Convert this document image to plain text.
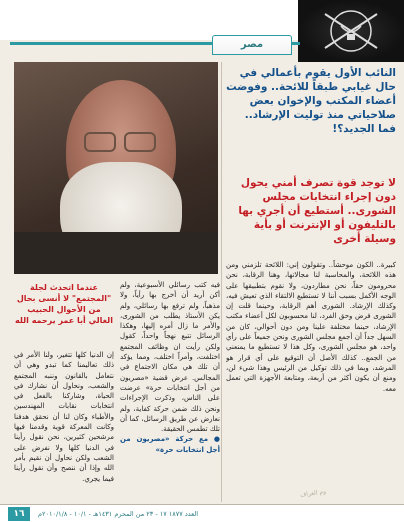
مصر
النائب الأول يقوم بأعمالي في حال غيابي طبقاً للائحة.. وفوضت أعضاء المكتب والإخوان بعض صلاحياتي منذ توليت الإرشاد.. فما الجديد؟!
لا توجد قوة تصرف أمني يحول دون إجراء انتخابات مجلس الشورى.. أستطيع أن أجري بها بالتليفون أو الإنترنت أو بأية وسيلة أخرى

كبيرة.. الكون موحشاً.. وتقولون إني: اللائحة تلزمني ومن هذه اللائحة، والمحاسبة لنا مجالاتها، وهنا الرقابة، نحن محرومون حقاً، نحن مطاردون، ولا نقوم بتطبيقها على الوجه الأكمل بسبب أننا لا تستطيع الالتقاء الذي تعيش فيه، وكذلك الإرشاد. الشورى أهم الرقابة، وحينما قلت إن الشورى فرض وحق الفرد، لنا محسوبون لكل أعضاء مكتب الإرشاد، حينما مختلفة علينا ومن دون أحوالي، كان من السهل جداً أن أجمع مجلس الشورى ونحن جميعاً على رأي واحد، هو مجلس الشورى، وكل هذا لا تستطيع ما يمنعني من الجمع.. كذلك الأصل أن التوقيع على أي قرار هو المرشد، وبما في ذلك توكيل من الرئيس وهذا شيء لن، ومنع أن يكون أكثر من أربعة، ومتابعة الأجهزة التي تعمل معه.

فيه كتب رسائلي الأسبوعية، ولم أكن أريد أن أخرج بها رأياً، ولا مذهباً، ولم ترفع بها رسائلي، ولم يكن الأستاذ يطلب من الشورى، والأمر ما زال أمره إليها، وهكذا الرسائل تتبع نهجاً واحداً، كقول ولكن رأيت ان وظائف المجتمع اختلفت، وأمراً اختلف، ومما يؤكد أن تلك هي مكان الاجتماع في المجالس. عرض قضية «مصريون من أجل انتخابات حرة» عرضت على الناس، وذكرت الإجراءات ونحن ذلك ضمن حركة كفاية، ولم نعارض عن طريق الرسائل، كما أن تلك تطمس الحقيقة.

● مع حركة «مصريون من أجل انتخابات حرة»

عندما اتحدث لجلة "المجتمع" لا أنسى بحال من الأحوال الحبيب الغالي أبا عمر يرحمه الله

إن الدنيا كلها تتغير، ولنا الأمر في ذلك تعاليمنا كما تبدو وهي أن نتعامل بالقانون وننبه المجتمع والشعب، ونحاول أن نشارك في الحياة، وشاركنا بالفعل في انتخابات نقابات المهندسين والأطباء وكان لنا أن نحقق هدفنا وكانت المعركة قوية وقدمنا فيها مرشحين كثيرين، نحن نقول رأينا في الدنيا كلها ولا نفرض على الشعب ولكن نحاول أن نقيم بأمر الله وإذا أن ننصح وأن نقول رأينا فيما يجري.

وم الغراف
١٦	العدد ١٨٧٧ ١٧ - ٢٣ من المحرم ١٤٣١هـ - ١٠/١ - ٢٠١٠/١/٨م
